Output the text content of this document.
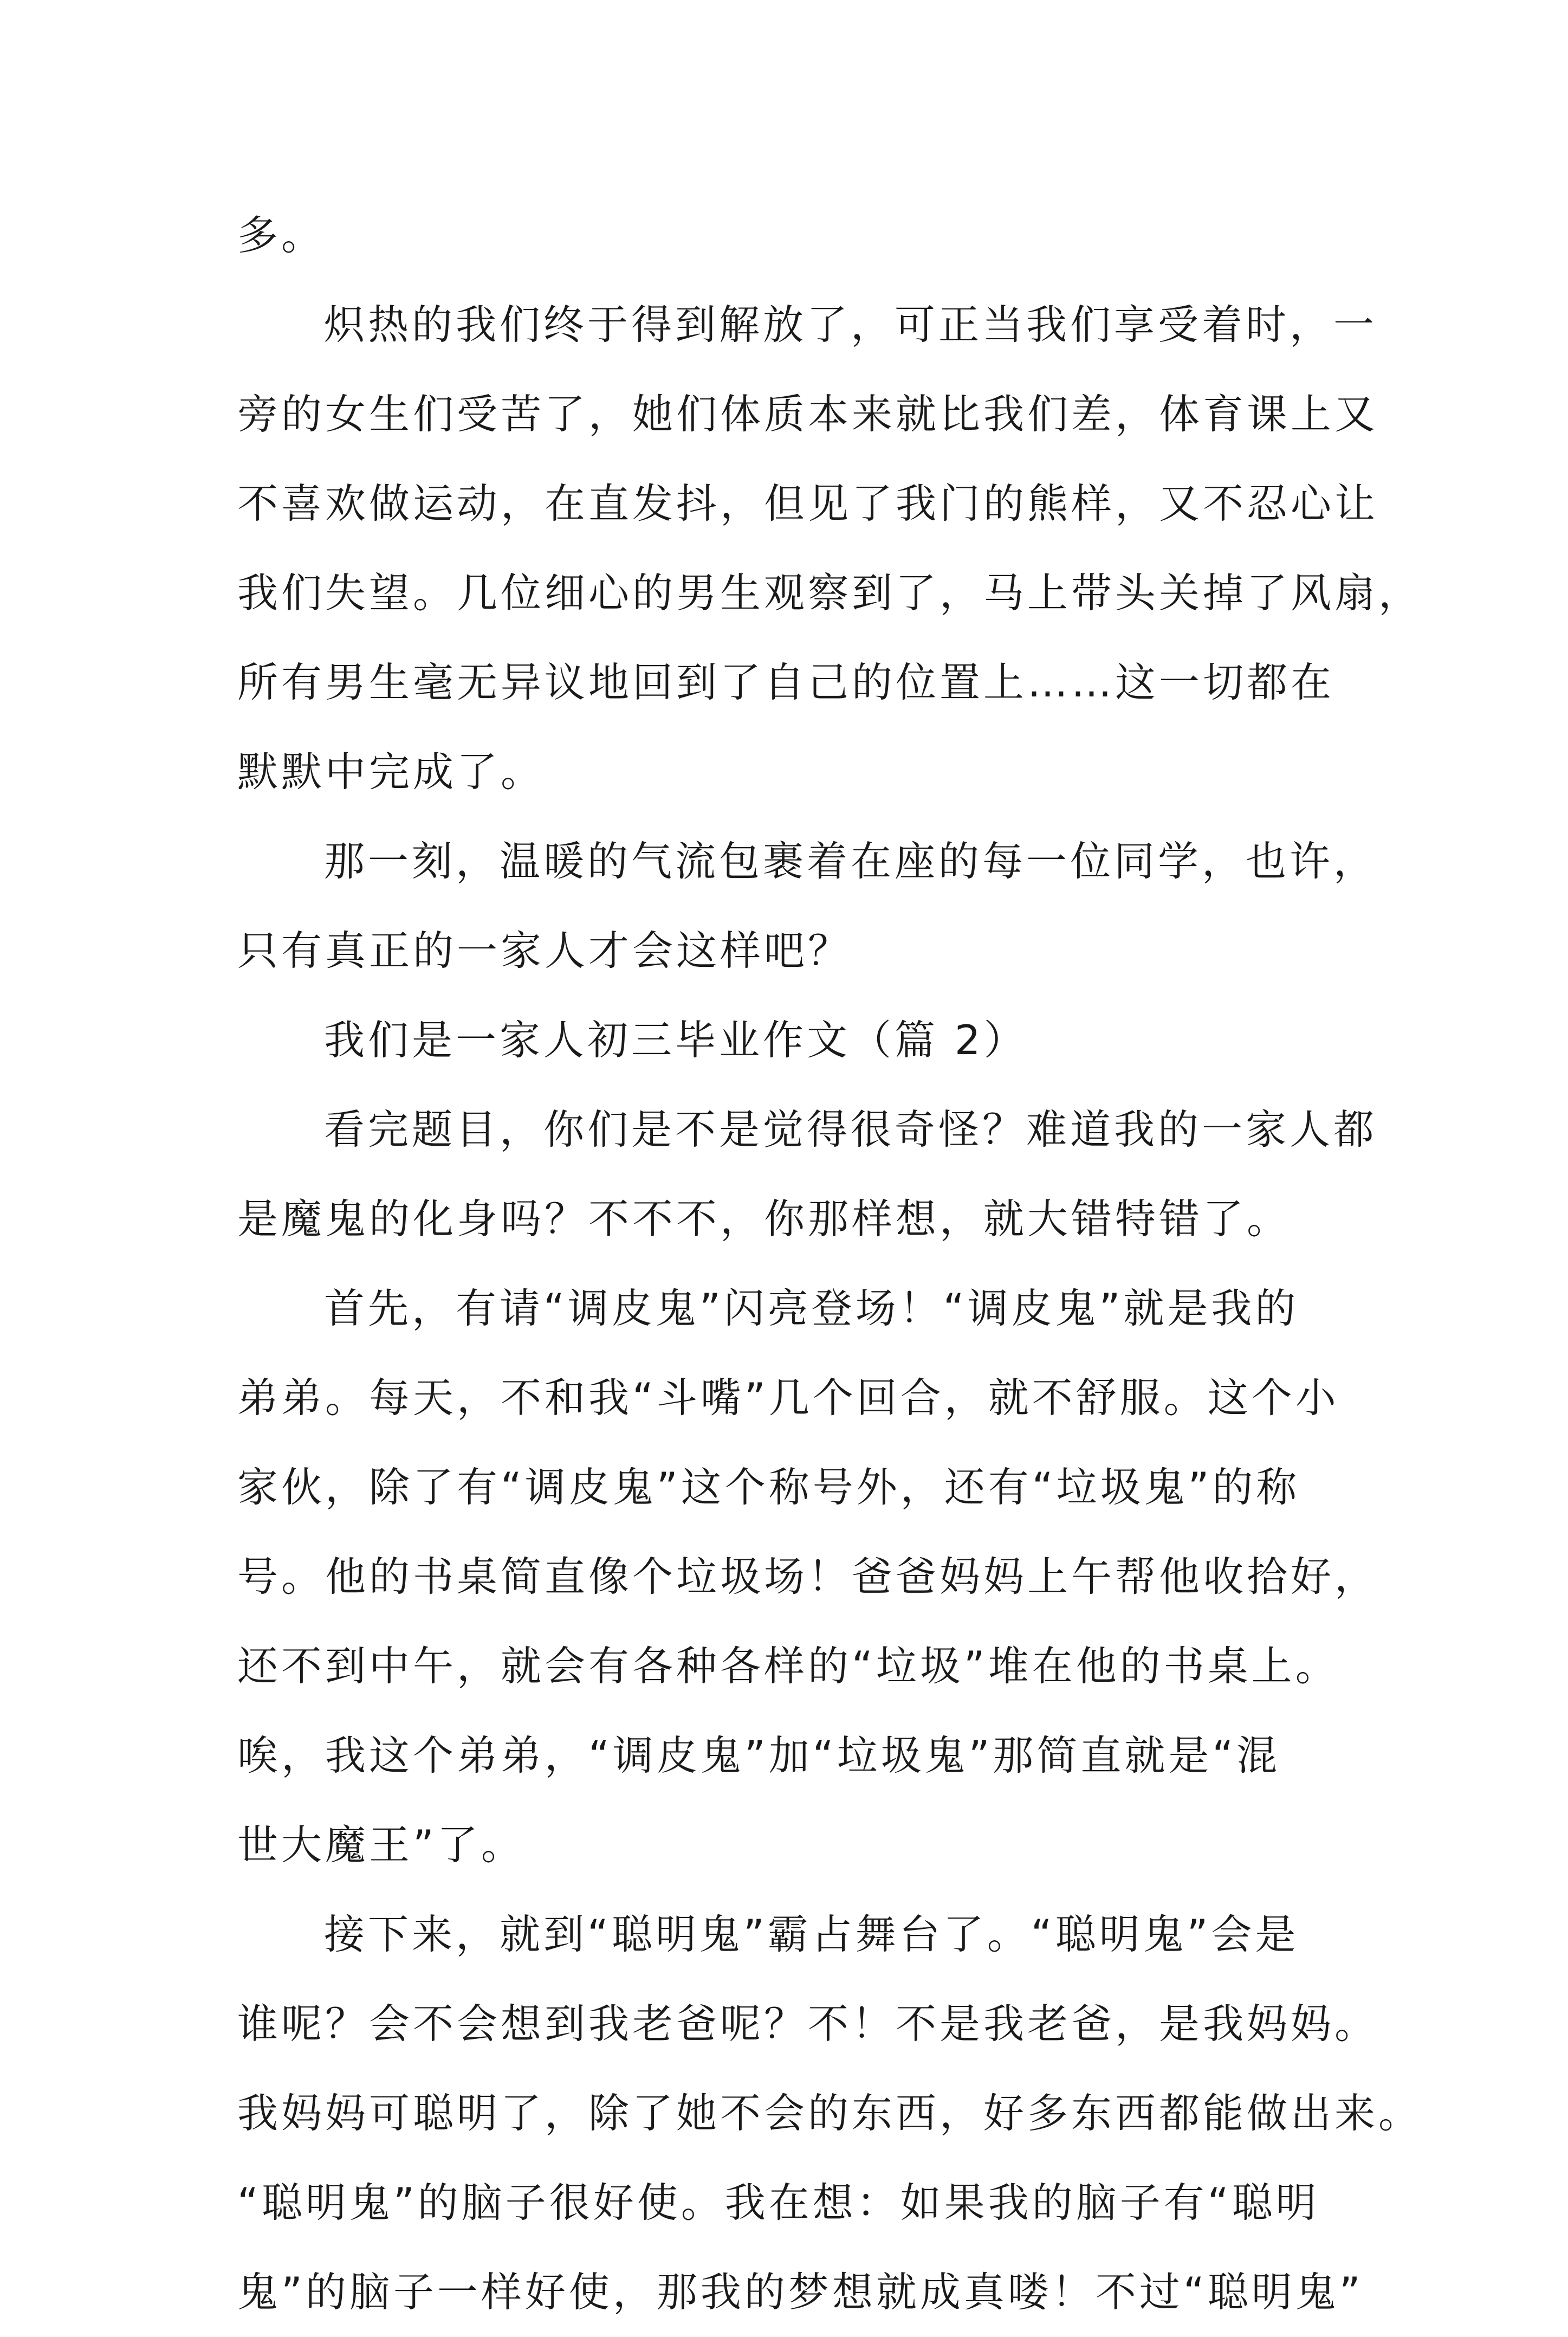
多。
炽热的我们终于得到解放了，可正当我们享受着时，一
旁的女生们受苦了，她们体质本来就比我们差，体育课上又
不喜欢做运动，在直发抖，但见了我门的熊样，又不忍心让
我们失望。几位细心的男生观察到了，马上带头关掉了风扇，
所有男生毫无异议地回到了自己的位置上……这一切都在
默默中完成了。
那一刻，温暖的气流包裹着在座的每一位同学，也许，
只有真正的一家人才会这样吧？
我们是一家人初三毕业作文（篇 2）
看完题目，你们是不是觉得很奇怪？难道我的一家人都
是魔鬼的化身吗？不不不，你那样想，就大错特错了。
首先，有请“调皮鬼”闪亮登场！“调皮鬼”就是我的
弟弟。每天，不和我“斗嘴”几个回合，就不舒服。这个小
家伙，除了有“调皮鬼”这个称号外，还有“垃圾鬼”的称
号。他的书桌简直像个垃圾场！爸爸妈妈上午帮他收拾好，
还不到中午，就会有各种各样的“垃圾”堆在他的书桌上。
唉，我这个弟弟，“调皮鬼”加“垃圾鬼”那简直就是“混
世大魔王”了。
接下来，就到“聪明鬼”霸占舞台了。“聪明鬼”会是
谁呢？会不会想到我老爸呢？不！不是我老爸，是我妈妈。
我妈妈可聪明了，除了她不会的东西，好多东西都能做出来。
“聪明鬼”的脑子很好使。我在想：如果我的脑子有“聪明
鬼”的脑子一样好使，那我的梦想就成真喽！不过“聪明鬼”
